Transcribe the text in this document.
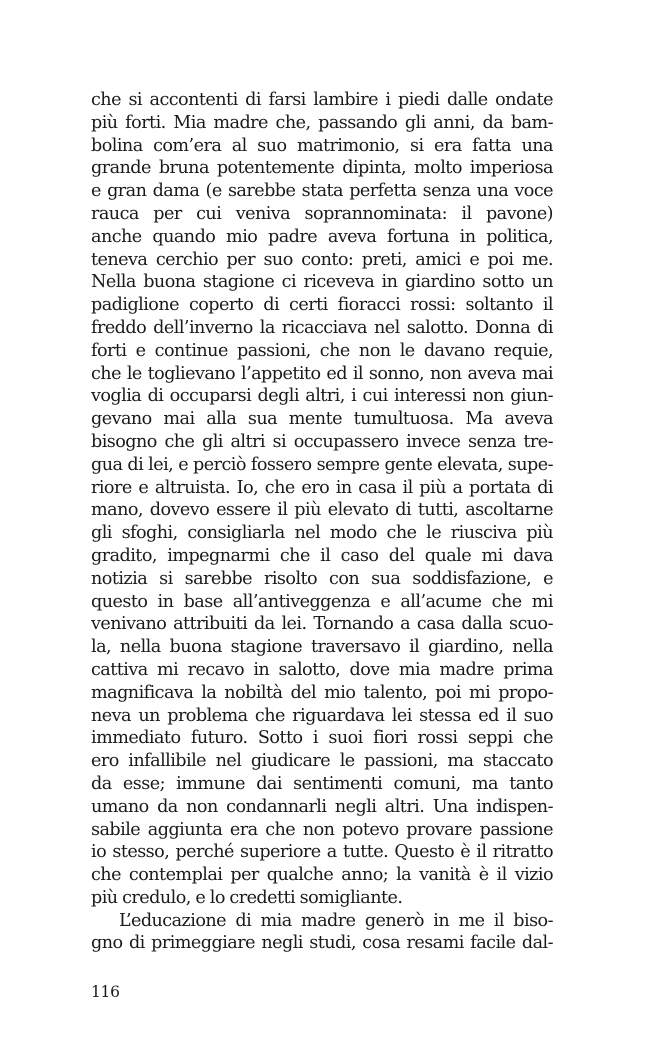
che si accontenti di farsi lambire i piedi dalle ondate
più forti. Mia madre che, passando gli anni, da bam-
bolina com’era al suo matrimonio, si era fatta una
grande bruna potentemente dipinta, molto imperiosa
e gran dama (e sarebbe stata perfetta senza una voce
rauca per cui veniva soprannominata: il pavone)
anche quando mio padre aveva fortuna in politica,
teneva cerchio per suo conto: preti, amici e poi me.
Nella buona stagione ci riceveva in giardino sotto un
padiglione coperto di certi fioracci rossi: soltanto il
freddo dell’inverno la ricacciava nel salotto. Donna di
forti e continue passioni, che non le davano requie,
che le toglievano l’appetito ed il sonno, non aveva mai
voglia di occuparsi degli altri, i cui interessi non giun-
gevano mai alla sua mente tumultuosa. Ma aveva
bisogno che gli altri si occupassero invece senza tre-
gua di lei, e perciò fossero sempre gente elevata, supe-
riore e altruista. Io, che ero in casa il più a portata di
mano, dovevo essere il più elevato di tutti, ascoltarne
gli sfoghi, consigliarla nel modo che le riusciva più
gradito, impegnarmi che il caso del quale mi dava
notizia si sarebbe risolto con sua soddisfazione, e
questo in base all’antiveggenza e all’acume che mi
venivano attribuiti da lei. Tornando a casa dalla scuo-
la, nella buona stagione traversavo il giardino, nella
cattiva mi recavo in salotto, dove mia madre prima
magnificava la nobiltà del mio talento, poi mi propo-
neva un problema che riguardava lei stessa ed il suo
immediato futuro. Sotto i suoi fiori rossi seppi che
ero infallibile nel giudicare le passioni, ma staccato
da esse; immune dai sentimenti comuni, ma tanto
umano da non condannarli negli altri. Una indispen-
sabile aggiunta era che non potevo provare passione
io stesso, perché superiore a tutte. Questo è il ritratto
che contemplai per qualche anno; la vanità è il vizio
più credulo, e lo credetti somigliante.
L’educazione di mia madre generò in me il biso-
gno di primeggiare negli studi, cosa resami facile dal-
116
